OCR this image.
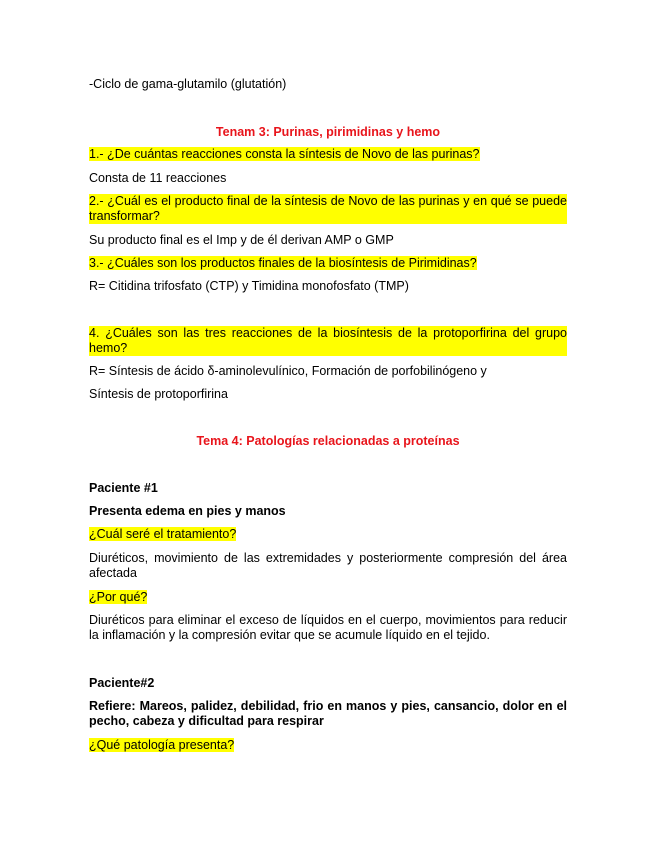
-Ciclo de gama-glutamilo (glutatión)
Tenam 3: Purinas, pirimidinas y hemo
1.- ¿De cuántas reacciones consta la síntesis de Novo de las purinas?
Consta de 11 reacciones
2.- ¿Cuál es el producto final de la síntesis de Novo de las purinas y en qué se puede transformar?
Su producto final es el Imp y de él derivan AMP o GMP
3.- ¿Cuáles son los productos finales de la biosíntesis de Pirimidinas?
R= Citidina trifosfato (CTP) y Timidina monofosfato (TMP)
4. ¿Cuáles son las tres reacciones de la biosíntesis de la protoporfirina del grupo hemo?
R= Síntesis de ácido δ-aminolevulínico, Formación de porfobilinógeno y
Síntesis de protoporfirina
Tema 4: Patologías relacionadas a proteínas
Paciente #1
Presenta edema en pies y manos
¿Cuál seré el tratamiento?
Diuréticos, movimiento de las extremidades y posteriormente compresión del área afectada
¿Por qué?
Diuréticos para eliminar el exceso de líquidos en el cuerpo, movimientos para reducir la inflamación y la compresión evitar que se acumule líquido en el tejido.
Paciente#2
Refiere: Mareos, palidez, debilidad, frio en manos y pies, cansancio, dolor en el pecho, cabeza y dificultad para respirar
¿Qué patología presenta?
